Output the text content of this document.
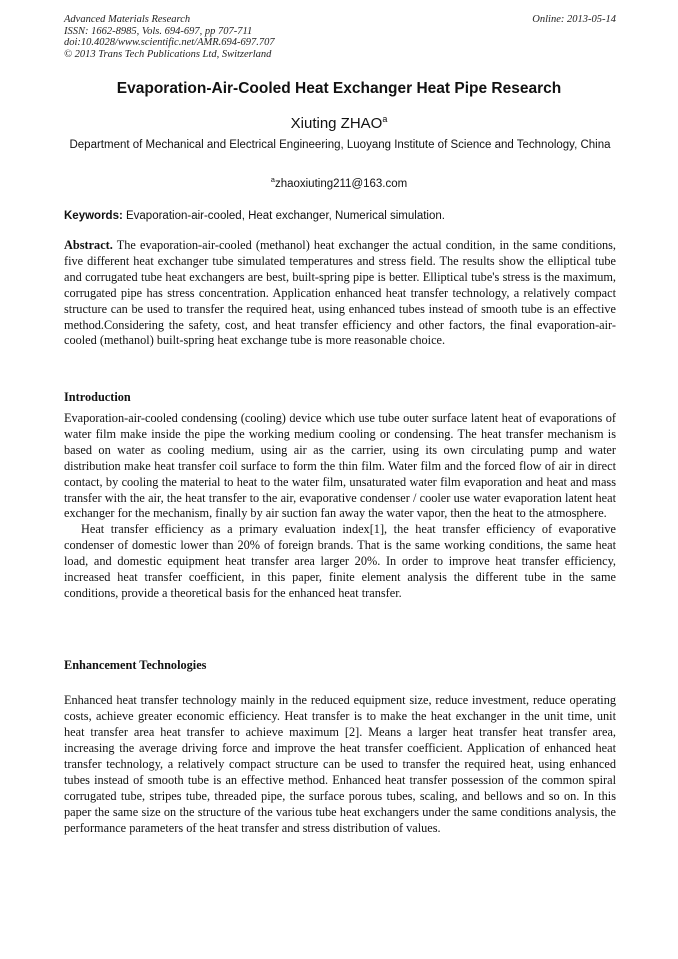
Advanced Materials Research
ISSN: 1662-8985, Vols. 694-697, pp 707-711
doi:10.4028/www.scientific.net/AMR.694-697.707
© 2013 Trans Tech Publications Ltd, Switzerland
Online: 2013-05-14
Evaporation-Air-Cooled Heat Exchanger Heat Pipe Research
Xiuting ZHAO$^a$
Department of Mechanical and Electrical Engineering, Luoyang Institute of Science and Technology, China
$^a$zhaoxiuting211@163.com
Keywords: Evaporation-air-cooled, Heat exchanger, Numerical simulation.
Abstract. The evaporation-air-cooled (methanol) heat exchanger the actual condition, in the same conditions, five different heat exchanger tube simulated temperatures and stress field. The results show the elliptical tube and corrugated tube heat exchangers are best, built-spring pipe is better. Elliptical tube's stress is the maximum, corrugated pipe has stress concentration. Application enhanced heat transfer technology, a relatively compact structure can be used to transfer the required heat, using enhanced tubes instead of smooth tube is an effective method.Considering the safety, cost, and heat transfer efficiency and other factors, the final evaporation-air-cooled (methanol) built-spring heat exchange tube is more reasonable choice.
Introduction

Evaporation-air-cooled condensing (cooling) device which use tube outer surface latent heat of evaporations of water film make inside the pipe the working medium cooling or condensing. The heat transfer mechanism is based on water as cooling medium, using air as the carrier, using its own circulating pump and water distribution make heat transfer coil surface to form the thin film. Water film and the forced flow of air in direct contact, by cooling the material to heat to the water film, unsaturated water film evaporation and heat and mass transfer with the air, the heat transfer to the air, evaporative condenser / cooler use water evaporation latent heat exchanger for the mechanism, finally by air suction fan away the water vapor, then the heat to the atmosphere.

Heat transfer efficiency as a primary evaluation index[1], the heat transfer efficiency of evaporative condenser of domestic lower than 20% of foreign brands. That is the same working conditions, the same heat load, and domestic equipment heat transfer area larger 20%. In order to improve heat transfer efficiency, increased heat transfer coefficient, in this paper, finite element analysis the different tube in the same conditions, provide a theoretical basis for the enhanced heat transfer.

Enhancement Technologies

Enhanced heat transfer technology mainly in the reduced equipment size, reduce investment, reduce operating costs, achieve greater economic efficiency. Heat transfer is to make the heat exchanger in the unit time, unit heat transfer area heat transfer to achieve maximum [2]. Means a larger heat transfer heat transfer area, increasing the average driving force and improve the heat transfer coefficient. Application of enhanced heat transfer technology, a relatively compact structure can be used to transfer the required heat, using enhanced tubes instead of smooth tube is an effective method. Enhanced heat transfer possession of the common spiral corrugated tube, stripes tube, threaded pipe, the surface porous tubes, scaling, and bellows and so on. In this paper the same size on the structure of the various tube heat exchangers under the same conditions analysis, the performance parameters of the heat transfer and stress distribution of values.
